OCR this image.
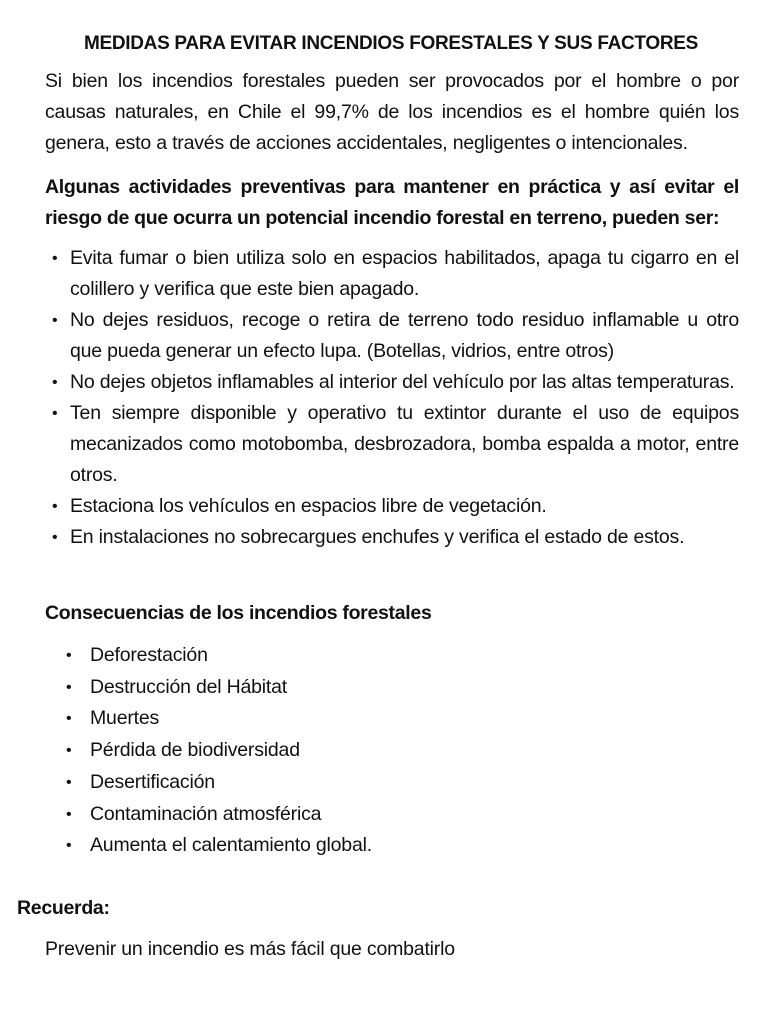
MEDIDAS PARA EVITAR INCENDIOS FORESTALES Y SUS FACTORES

Si bien los incendios forestales pueden ser provocados por el hombre o por causas naturales, en Chile el 99,7% de los incendios es el hombre quién los genera, esto a través de acciones accidentales, negligentes o intencionales.

Algunas actividades preventivas para mantener en práctica y así evitar el riesgo de que ocurra un potencial incendio forestal en terreno, pueden ser:

• Evita fumar o bien utiliza solo en espacios habilitados, apaga tu cigarro en el colillero y verifica que este bien apagado.
• No dejes residuos, recoge o retira de terreno todo residuo inflamable u otro que pueda generar un efecto lupa. (Botellas, vidrios, entre otros)
• No dejes objetos inflamables al interior del vehículo por las altas temperaturas.
• Ten siempre disponible y operativo tu extintor durante el uso de equipos mecanizados como motobomba, desbrozadora, bomba espalda a motor, entre otros.
• Estaciona los vehículos en espacios libre de vegetación.
• En instalaciones no sobrecargues enchufes y verifica el estado de estos.
Consecuencias de los incendios forestales
• Deforestación
• Destrucción del Hábitat
• Muertes
• Pérdida de biodiversidad
• Desertificación
• Contaminación atmosférica
• Aumenta el calentamiento global.
Recuerda:
Prevenir un incendio es más fácil que combatirlo
